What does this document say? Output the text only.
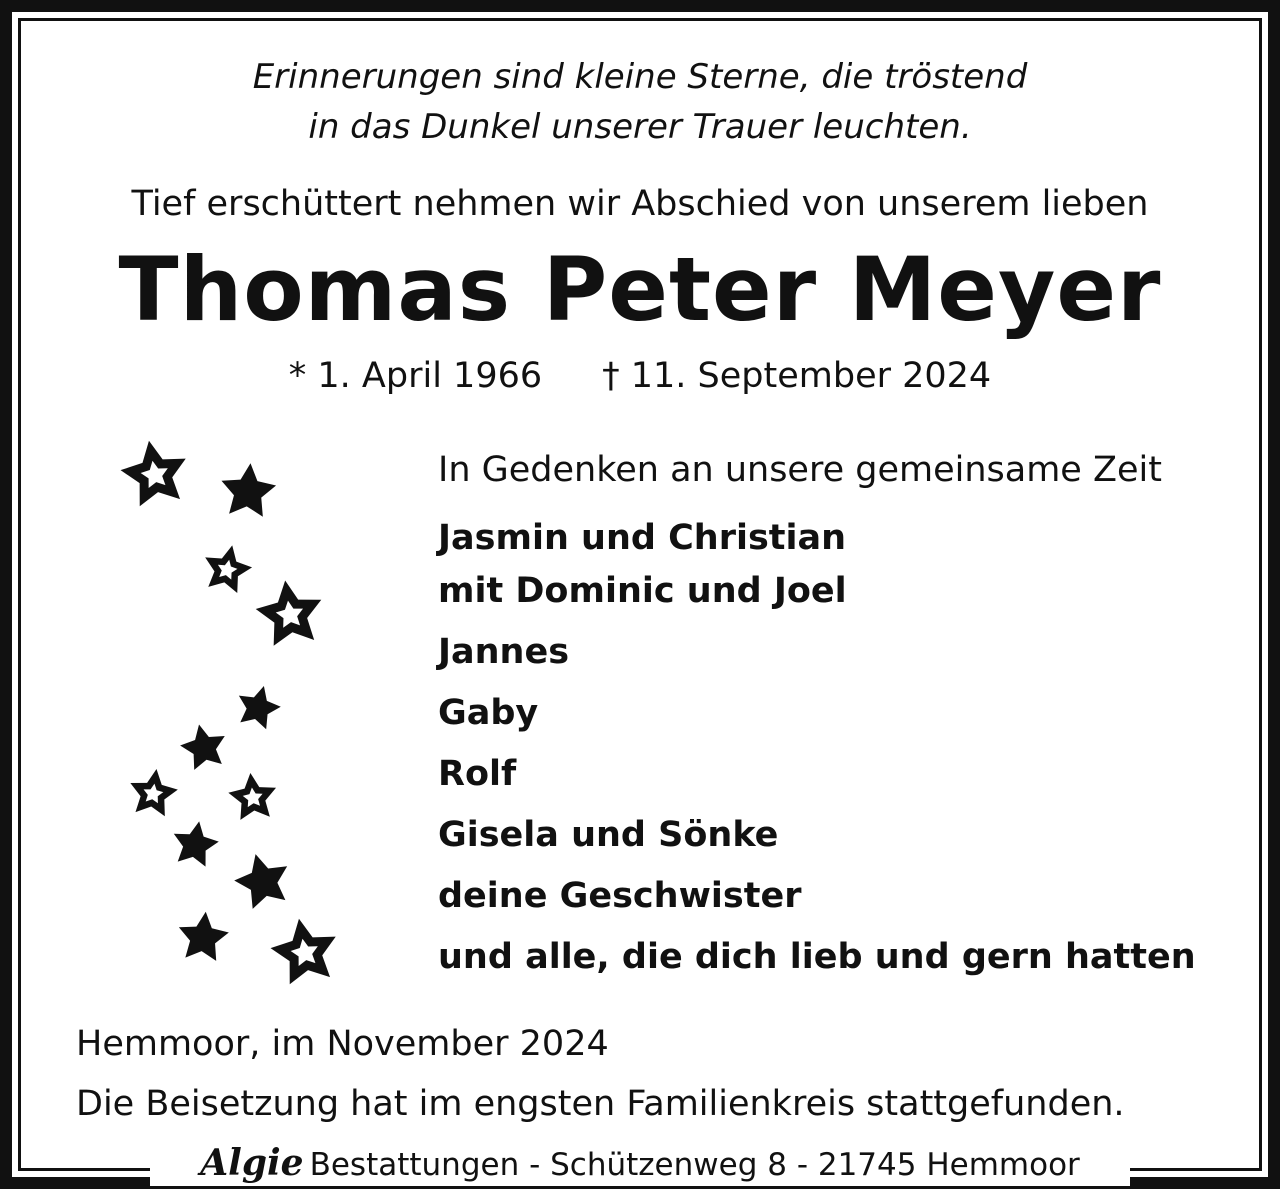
Erinnerungen sind kleine Sterne, die tröstend
in das Dunkel unserer Trauer leuchten.
Tief erschüttert nehmen wir Abschied von unserem lieben
Thomas Peter Meyer
* 1. April 1966 † 11. September 2024
In Gedenken an unsere gemeinsame Zeit
Jasmin und Christian
mit Dominic und Joel
Jannes
Gaby
Rolf
Gisela und Sönke
deine Geschwister
und alle, die dich lieb und gern hatten
Hemmoor, im November 2024
Die Beisetzung hat im engsten Familienkreis stattgefunden.
Algie Bestattungen - Schützenweg 8 - 21745 Hemmoor
